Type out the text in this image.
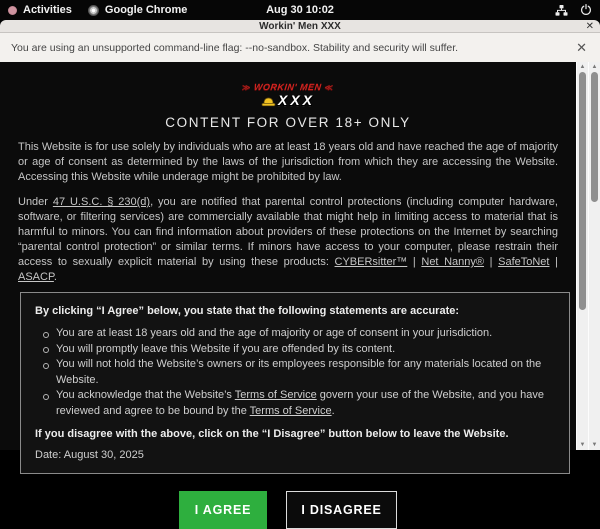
Activities	Google Chrome	Aug 30 10:02
Workin' Men XXX	✕
You are using an unsupported command-line flag: --no-sandbox. Stability and security will suffer.	✕
≫ WORKIN' MEN ≪
XXX
CONTENT FOR OVER 18+ ONLY

This Website is for use solely by individuals who are at least 18 years old and have reached the age of majority or age of consent as determined by the laws of the jurisdiction from which they are accessing the Website. Accessing this Website while underage might be prohibited by law.

Under 47 U.S.C. § 230(d), you are notified that parental control protections (including computer hardware, software, or filtering services) are commercially available that might help in limiting access to material that is harmful to minors. You can find information about providers of these protections on the Internet by searching “parental control protection” or similar terms. If minors have access to your computer, please restrain their access to sexually explicit material by using these products: CYBERsitter™ | Net Nanny® | SafeToNet | ASACP.

By clicking “I Agree” below, you state that the following statements are accurate:
You are at least 18 years old and the age of majority or age of consent in your jurisdiction.
You will promptly leave this Website if you are offended by its content.
You will not hold the Website’s owners or its employees responsible for any materials located on the Website.
You acknowledge that the Website’s Terms of Service govern your use of the Website, and you have reviewed and agree to be bound by the Terms of Service.
If you disagree with the above, click on the “I Disagree” button below to leave the Website.
Date: August 30, 2025
I AGREE	I DISAGREE
▲
▼
▲
▼
